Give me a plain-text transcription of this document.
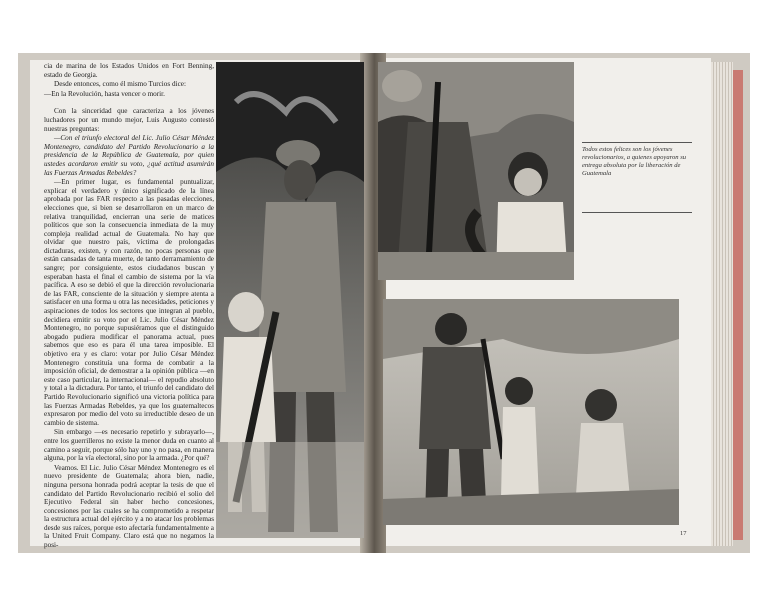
cia de marina de los Estados Unidos en Fort Benning, estado de Georgia.

Desde entonces, como él mismo Turcios dice:

—En la Revolución, hasta vencer o morir.

Con la sinceridad que caracteriza a los jóvenes luchadores por un mundo mejor, Luis Augusto contestó nuestras preguntas:

—Con el triunfo electoral del Lic. Julio César Méndez Montenegro, candidato del Partido Revolucionario a la presidencia de la República de Guatemala, por quien ustedes acordaron emitir su voto, ¿qué actitud asumirán las Fuerzas Armadas Rebeldes?

—En primer lugar, es fundamental puntualizar, explicar el verdadero y único significado de la línea aprobada por las FAR respecto a las pasadas elecciones, elecciones que, si bien se desarrollaron en un marco de relativa tranquilidad, encierran una serie de matices políticos que son la consecuencia inmediata de la muy compleja realidad actual de Guatemala. No hay que olvidar que nuestro país, víctima de prolongadas dictaduras, existen, y con razón, no pocas personas que están cansadas de tanta muerte, de tanto derramamiento de sangre; por consiguiente, estos ciudadanos buscan y esperaban hasta el final el cambio de sistema por la vía pacífica. A eso se debió el que la dirección revolucionaria de las FAR, consciente de la situación y siempre atenta a satisfacer en una forma u otra las necesidades, peticiones y aspiraciones de todos los sectores que integran al pueblo, decidiera emitir su voto por el Lic. Julio César Méndez Montenegro, no porque supusiéramos que el distinguido abogado pudiera modificar el panorama actual, pues sabemos que eso es para él una tarea imposible. El objetivo era y es claro: votar por Julio César Méndez Montenegro constituía una forma de combatir a la imposición oficial, de demostrar a la opinión pública —en este caso particular, la internacional— el repudio absoluto y total a la dictadura. Por tanto, el triunfo del candidato del Partido Revolucionario significó una victoria política para las Fuerzas Armadas Rebeldes, ya que los guatemaltecos expresaron por medio del voto su irreductible deseo de un cambio de sistema.

Sin embargo —es necesario repetirlo y subrayarlo—, entre los guerrilleros no existe la menor duda en cuanto al camino a seguir, porque sólo hay uno y no pasa, en manera alguna, por la vía electoral, sino por la armada. ¿Por qué?

Veamos. El Lic. Julio César Méndez Montenegro es el nuevo presidente de Guatemala; ahora bien, nadie, ninguna persona honrada podrá aceptar la tesis de que el candidato del Partido Revolucionario recibió el solio del Ejecutivo Federal sin haber hecho concesiones, concesiones por las cuales se ha comprometido a respetar la estructura actual del ejército y a no atacar los problemas desde sus raíces, porque esto afectaría fundamentalmente a la United Fruit Company. Claro está que no negamos la posi-

Todos estos felices son los jóvenes revolucionarios, a quienes apoyaron su entrega absoluta por la liberación de Guatemala
17
